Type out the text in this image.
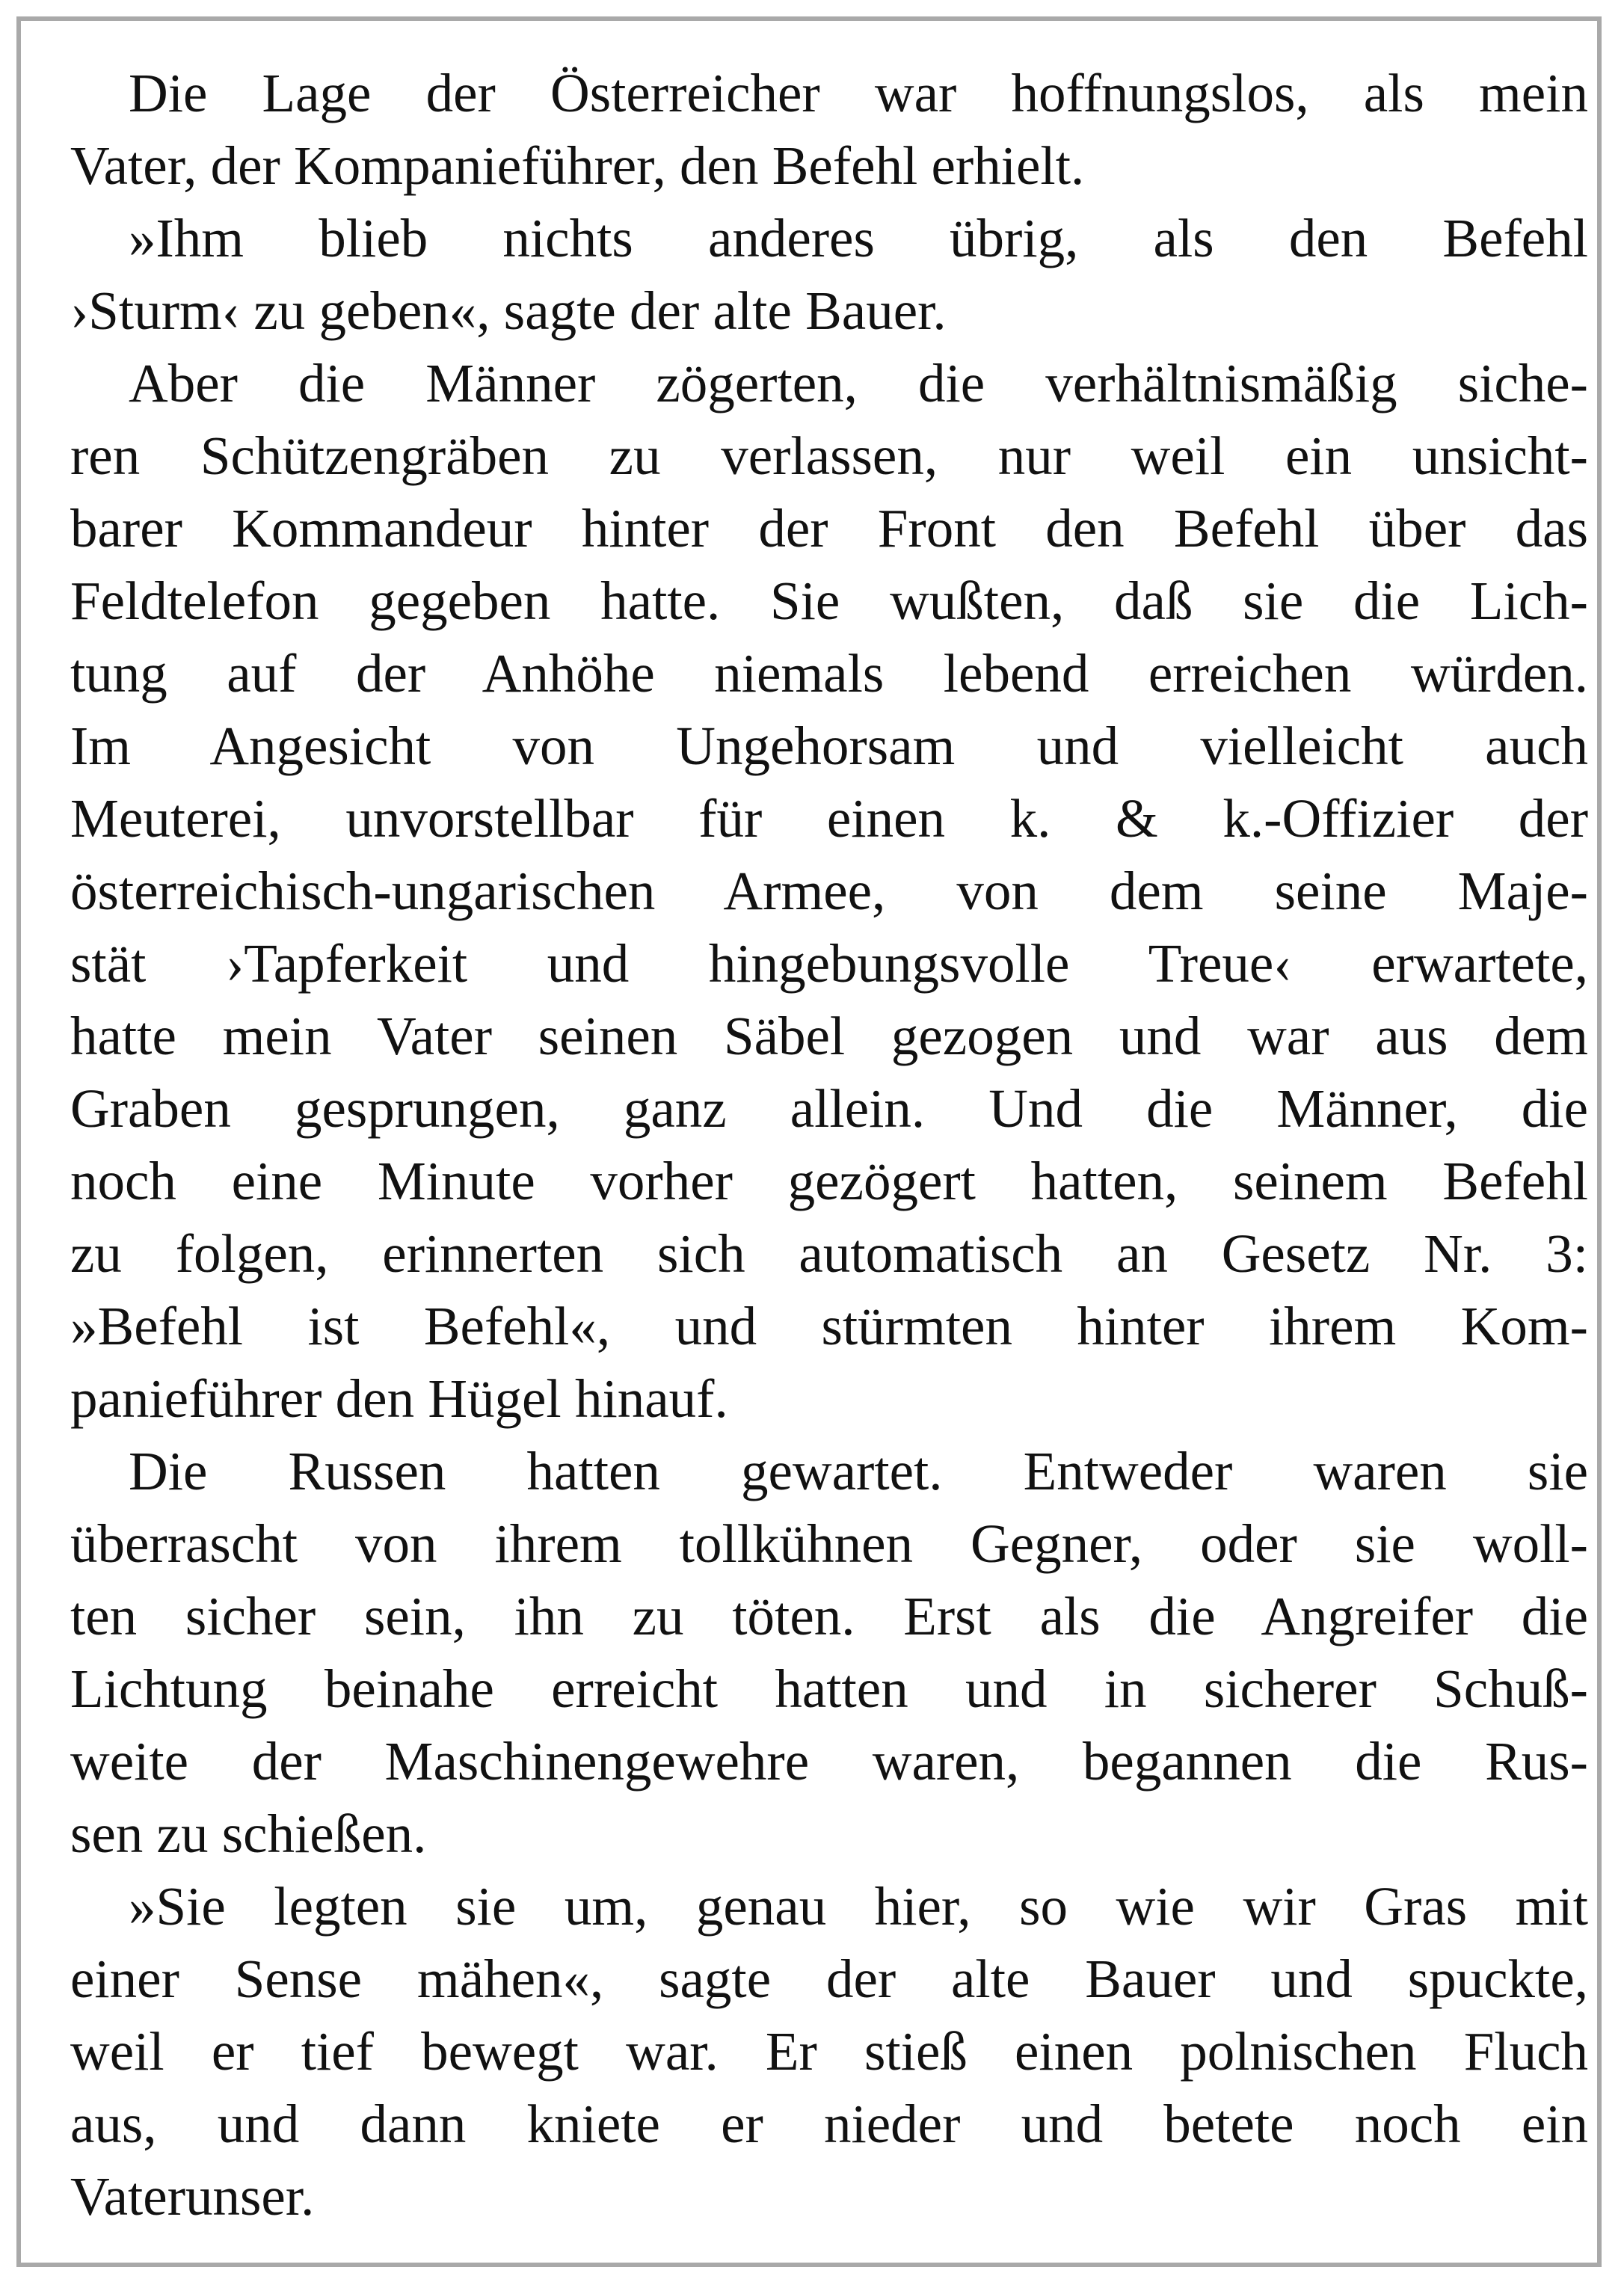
Die Lage der Österreicher war hoffnungslos, als mein
Vater, der Kompanieführer, den Befehl erhielt.
»Ihm blieb nichts anderes übrig, als den Befehl
›Sturm‹ zu geben«, sagte der alte Bauer.
Aber die Männer zögerten, die verhältnismäßig siche-
ren Schützengräben zu verlassen, nur weil ein unsicht-
barer Kommandeur hinter der Front den Befehl über das
Feldtelefon gegeben hatte. Sie wußten, daß sie die Lich-
tung auf der Anhöhe niemals lebend erreichen würden.
Im Angesicht von Ungehorsam und vielleicht auch
Meuterei, unvorstellbar für einen k. & k.-Offizier der
österreichisch-ungarischen Armee, von dem seine Maje-
stät ›Tapferkeit und hingebungsvolle Treue‹ erwartete,
hatte mein Vater seinen Säbel gezogen und war aus dem
Graben gesprungen, ganz allein. Und die Männer, die
noch eine Minute vorher gezögert hatten, seinem Befehl
zu folgen, erinnerten sich automatisch an Gesetz Nr. 3:
»Befehl ist Befehl«, und stürmten hinter ihrem Kom-
panieführer den Hügel hinauf.
Die Russen hatten gewartet. Entweder waren sie
überrascht von ihrem tollkühnen Gegner, oder sie woll-
ten sicher sein, ihn zu töten. Erst als die Angreifer die
Lichtung beinahe erreicht hatten und in sicherer Schuß-
weite der Maschinengewehre waren, begannen die Rus-
sen zu schießen.
»Sie legten sie um, genau hier, so wie wir Gras mit
einer Sense mähen«, sagte der alte Bauer und spuckte,
weil er tief bewegt war. Er stieß einen polnischen Fluch
aus, und dann kniete er nieder und betete noch ein
Vaterunser.
